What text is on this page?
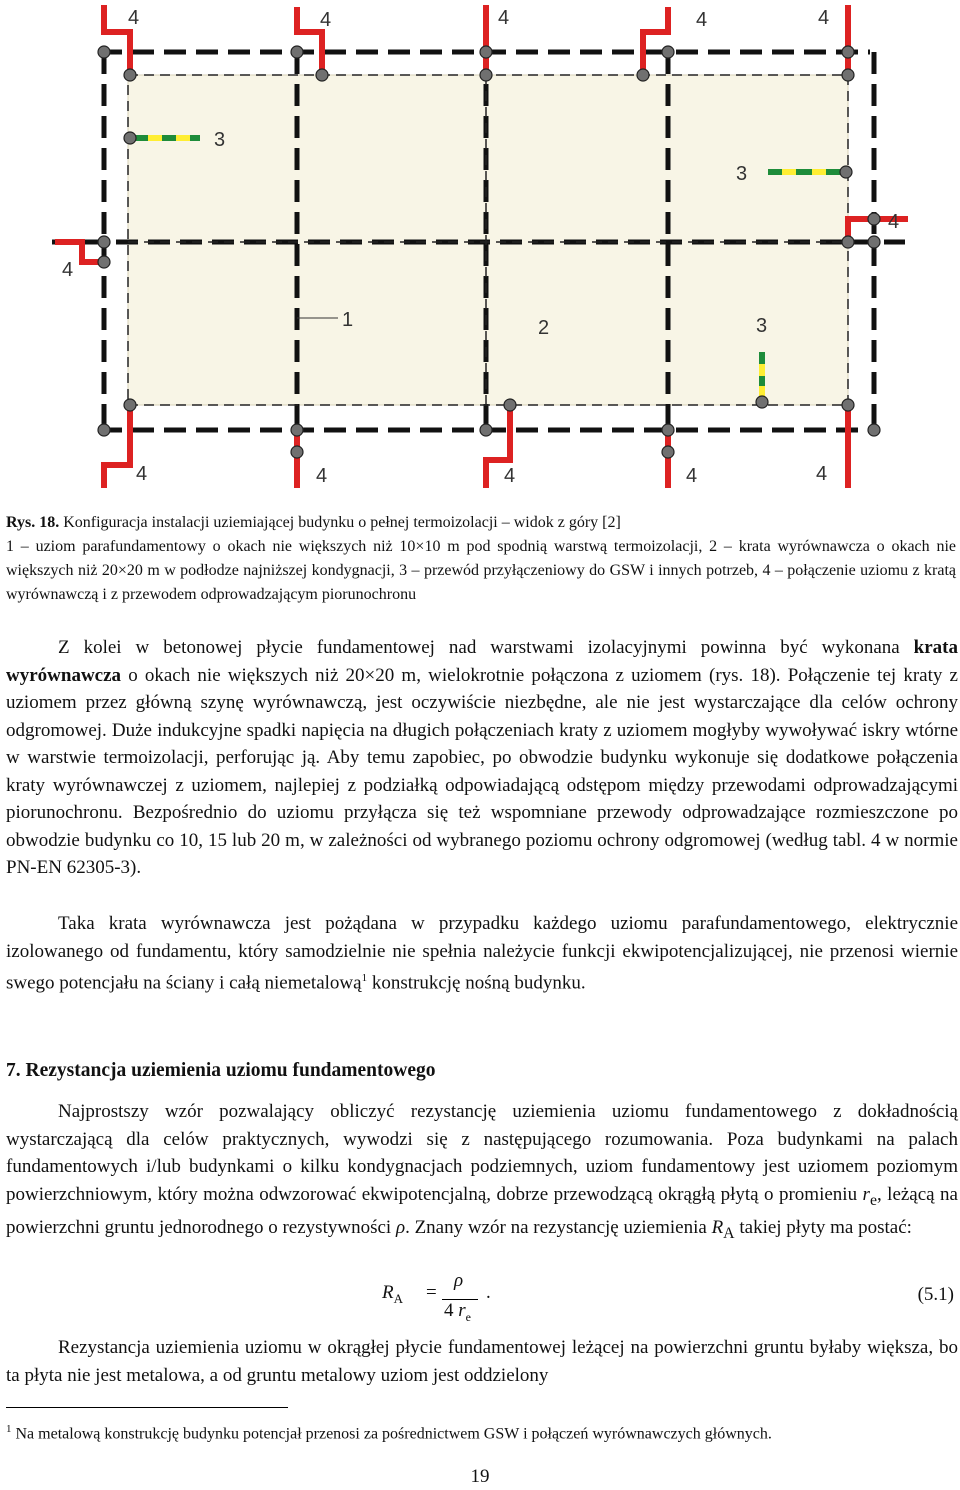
4	4	4	4	4
3
3
4
4
1	2	3
4	4	4	4	4
Rys. 18. Konfiguracja instalacji uziemiającej budynku o pełnej termoizolacji – widok z góry [2]
1 – uziom parafundamentowy o okach nie większych niż 10×10 m pod spodnią warstwą termoizolacji, 2 – krata wyrównawcza o okach nie większych niż 20×20 m w podłodze najniższej kondygnacji, 3 – przewód przyłączeniowy do GSW i innych potrzeb, 4 – połączenie uziomu z kratą wyrównawczą i z przewodem odprowadzającym piorunochronu

Z kolei w betonowej płycie fundamentowej nad warstwami izolacyjnymi powinna być wykonana krata wyrównawcza o okach nie większych niż 20×20 m, wielokrotnie połączona z uziomem (rys. 18). Połączenie tej kraty z uziomem przez główną szynę wyrównawczą, jest oczywiście niezbędne, ale nie jest wystarczające dla celów ochrony odgromowej. Duże indukcyjne spadki napięcia na długich połączeniach kraty z uziomem mogłyby wywoływać iskry wtórne w warstwie termoizolacji, perforując ją. Aby temu zapobiec, po obwodzie budynku wykonuje się dodatkowe połączenia kraty wyrównawczej z uziomem, najlepiej z podziałką odpowiadającą odstępom między przewodami odprowadzającymi piorunochronu. Bezpośrednio do uziomu przyłącza się też wspomniane przewody odprowadzające rozmieszczone po obwodzie budynku co 10, 15 lub 20 m, w zależności od wybranego poziomu ochrony odgromowej (według tabl. 4 w normie PN-EN 62305-3).

Taka krata wyrównawcza jest pożądana w przypadku każdego uziomu parafundamentowego, elektrycznie izolowanego od fundamentu, który samodzielnie nie spełnia należycie funkcji ekwipotencjalizującej, nie przenosi wiernie swego potencjału na ściany i całą niemetalową$^1$ konstrukcję nośną budynku.

7. Rezystancja uziemienia uziomu fundamentowego

Najprostszy wzór pozwalający obliczyć rezystancję uziemienia uziomu fundamentowego z dokładnością wystarczającą dla celów praktycznych, wywodzi się z następującego rozumowania. Poza budynkami na palach fundamentowych i/lub budynkami o kilku kondygnacjach podziemnych, uziom fundamentowy jest uziomem poziomym powierzchniowym, który można odwzorować ekwipotencjalną, dobrze przewodzącą okrągłą płytą o promieniu $r_e$, leżącą na powierzchni gruntu jednorodnego o rezystywności ρ. Znany wzór na rezystancję uziemienia $R_A$ takiej płyty ma postać:

$R_A$ =
ρ
4 $r_e$
.	(5.1)

Rezystancja uziemienia uziomu w okrągłej płycie fundamentowej leżącej na powierzchni gruntu byłaby większa, bo ta płyta nie jest metalowa, a od gruntu metalowy uziom jest oddzielony

$^1$ Na metalową konstrukcję budynku potencjał przenosi za pośrednictwem GSW i połączeń wyrównawczych głównych.
19
